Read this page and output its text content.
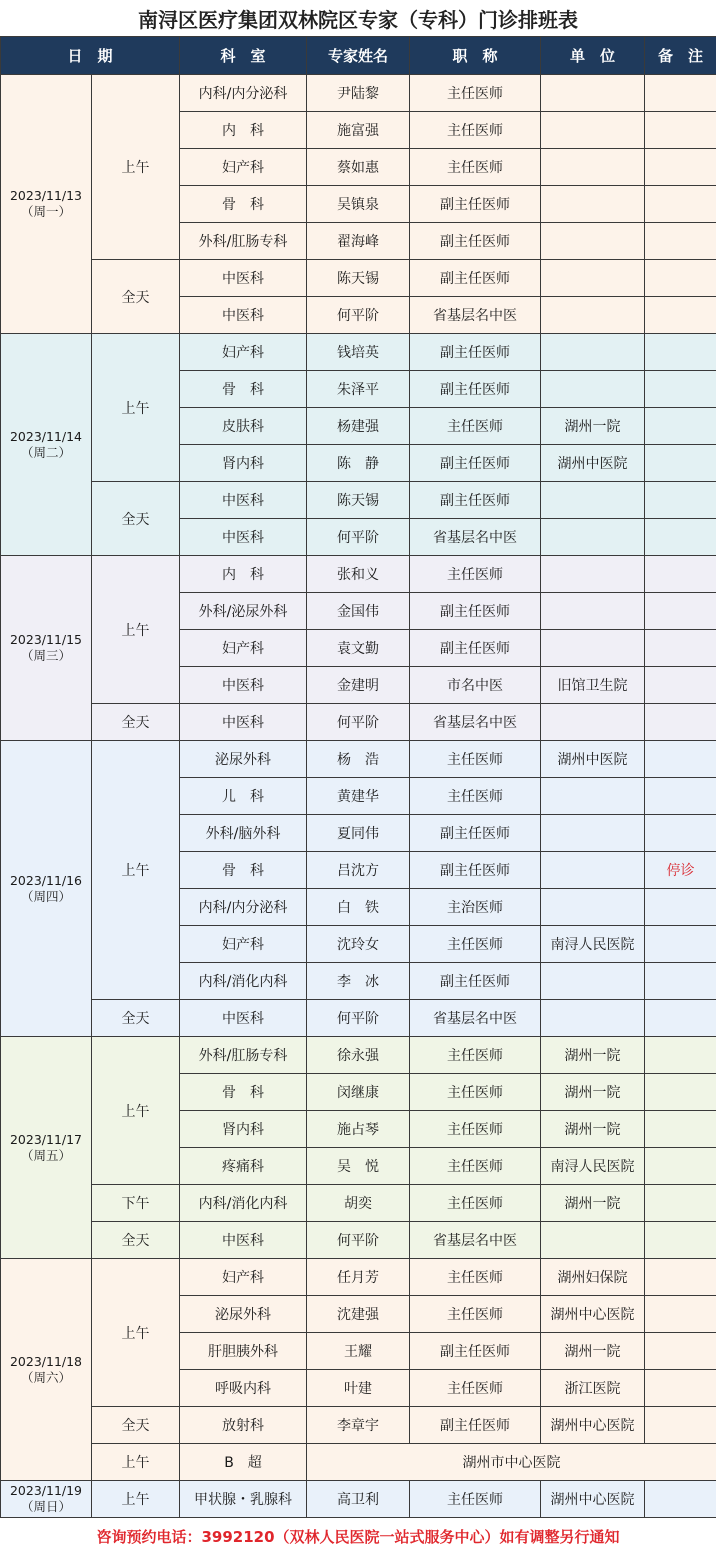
南浔区医疗集团双林院区专家（专科）门诊排班表
日　期		科　室	专家姓名	职　称	单　位	备　注

2023/11/13
（周一）	上午	内科/内分泌科	尹陆黎	主任医师		
		内　科	施富强	主任医师		
		妇产科	蔡如惠	主任医师		
		骨　科	吴镇泉	副主任医师		
		外科/肛肠专科	翟海峰	副主任医师		
	全天	中医科	陈天锡	副主任医师		
		中医科	何平阶	省基层名中医		

2023/11/14
（周二）	上午	妇产科	钱培英	副主任医师		
		骨　科	朱泽平	副主任医师		
		皮肤科	杨建强	主任医师	湖州一院	
		肾内科	陈　静	副主任医师	湖州中医院	
	全天	中医科	陈天锡	副主任医师		
		中医科	何平阶	省基层名中医		

2023/11/15
（周三）	上午	内　科	张和义	主任医师		
		外科/泌尿外科	金国伟	副主任医师		
		妇产科	袁文勤	副主任医师		
		中医科	金建明	市名中医	旧馆卫生院	
	全天	中医科	何平阶	省基层名中医		

2023/11/16
（周四）	上午	泌尿外科	杨　浩	主任医师	湖州中医院	
		儿　科	黄建华	主任医师		
		外科/脑外科	夏同伟	副主任医师		
		骨　科	吕沈方	副主任医师		停诊
		内科/内分泌科	白　铁	主治医师		
		妇产科	沈玲女	主任医师	南浔人民医院	
		内科/消化内科	李　冰	副主任医师		
	全天	中医科	何平阶	省基层名中医		

2023/11/17
（周五）	上午	外科/肛肠专科	徐永强	主任医师	湖州一院	
		骨　科	闵继康	主任医师	湖州一院	
		肾内科	施占琴	主任医师	湖州一院	
		疼痛科	吴　悦	主任医师	南浔人民医院	
	下午	内科/消化内科	胡奕	主任医师	湖州一院	
	全天	中医科	何平阶	省基层名中医		

2023/11/18
（周六）	上午	妇产科	任月芳	主任医师	湖州妇保院	
		泌尿外科	沈建强	主任医师	湖州中心医院	
		肝胆胰外科	王耀	副主任医师	湖州一院	
		呼吸内科	叶建	主任医师	浙江医院	
	全天	放射科	李章宇	副主任医师	湖州中心医院	
	上午	B　超	湖州市中心医院			

2023/11/19
（周日）	上午	甲状腺・乳腺科	高卫利	主任医师	湖州中心医院	
咨询预约电话：3992120（双林人民医院一站式服务中心）如有调整另行通知
